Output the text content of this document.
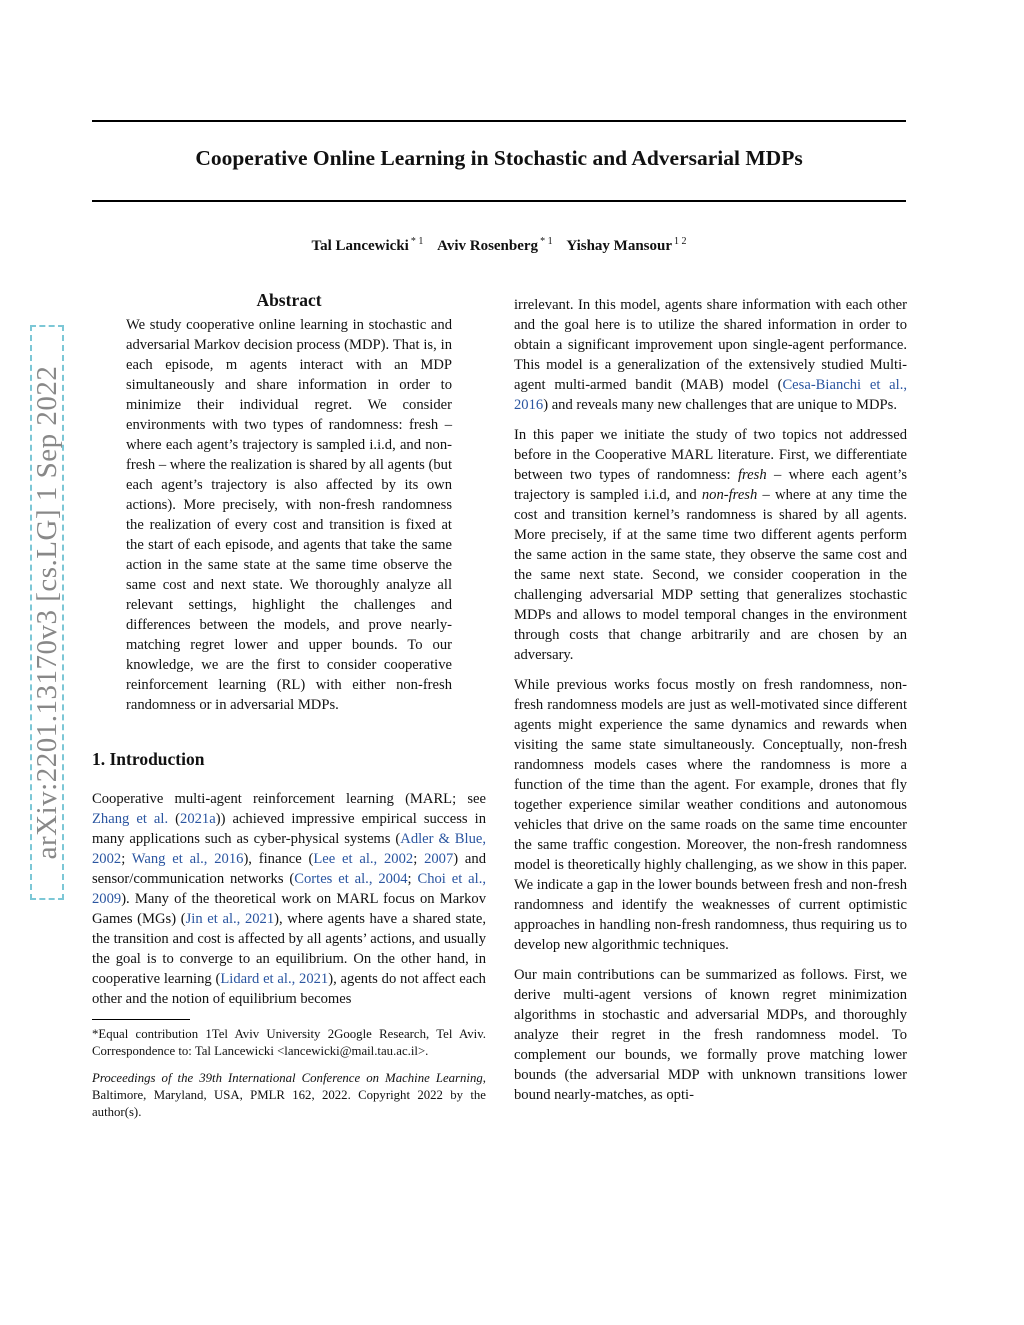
Cooperative Online Learning in Stochastic and Adversarial MDPs
Tal Lancewicki $^{* 1}$ Aviv Rosenberg $^{* 1}$ Yishay Mansour $^{1 2}$
arXiv:2201.13170v3 [cs.LG] 1 Sep 2022
Abstract

We study cooperative online learning in stochastic and adversarial Markov decision process (MDP). That is, in each episode, m agents interact with an MDP simultaneously and share information in order to minimize their individual regret. We consider environments with two types of randomness: fresh – where each agent’s trajectory is sampled i.i.d, and non-fresh – where the realization is shared by all agents (but each agent’s trajectory is also affected by its own actions). More precisely, with non-fresh randomness the realization of every cost and transition is fixed at the start of each episode, and agents that take the same action in the same state at the same time observe the same cost and next state. We thoroughly analyze all relevant settings, highlight the challenges and differences between the models, and prove nearly-matching regret lower and upper bounds. To our knowledge, we are the first to consider cooperative reinforcement learning (RL) with either non-fresh randomness or in adversarial MDPs.

1. Introduction

Cooperative multi-agent reinforcement learning (MARL; see Zhang et al. (2021a)) achieved impressive empirical success in many applications such as cyber-physical systems (Adler & Blue, 2002; Wang et al., 2016), finance (Lee et al., 2002; 2007) and sensor/communication networks (Cortes et al., 2004; Choi et al., 2009). Many of the theoretical work on MARL focus on Markov Games (MGs) (Jin et al., 2021), where agents have a shared state, the transition and cost is affected by all agents’ actions, and usually the goal is to converge to an equilibrium. On the other hand, in cooperative learning (Lidard et al., 2021), agents do not affect each other and the notion of equilibrium becomes

*Equal contribution 1Tel Aviv University 2Google Research, Tel Aviv. Correspondence to: Tal Lancewicki <lancewicki@mail.tau.ac.il>.

Proceedings of the 39th International Conference on Machine Learning, Baltimore, Maryland, USA, PMLR 162, 2022. Copyright 2022 by the author(s).

irrelevant. In this model, agents share information with each other and the goal here is to utilize the shared information in order to obtain a significant improvement upon single-agent performance. This model is a generalization of the extensively studied Multi-agent multi-armed bandit (MAB) model (Cesa-Bianchi et al., 2016) and reveals many new challenges that are unique to MDPs.

In this paper we initiate the study of two topics not addressed before in the Cooperative MARL literature. First, we differentiate between two types of randomness: fresh – where each agent’s trajectory is sampled i.i.d, and non-fresh – where at any time the cost and transition kernel’s randomness is shared by all agents. More precisely, if at the same time two different agents perform the same action in the same state, they observe the same cost and the same next state. Second, we consider cooperation in the challenging adversarial MDP setting that generalizes stochastic MDPs and allows to model temporal changes in the environment through costs that change arbitrarily and are chosen by an adversary.

While previous works focus mostly on fresh randomness, non-fresh randomness models are just as well-motivated since different agents might experience the same dynamics and rewards when visiting the same state simultaneously. Conceptually, non-fresh randomness models cases where the randomness is more a function of the time than the agent. For example, drones that fly together experience similar weather conditions and autonomous vehicles that drive on the same roads on the same time encounter the same traffic congestion. Moreover, the non-fresh randomness model is theoretically highly challenging, as we show in this paper. We indicate a gap in the lower bounds between fresh and non-fresh randomness and identify the weaknesses of current optimistic approaches in handling non-fresh randomness, thus requiring us to develop new algorithmic techniques.

Our main contributions can be summarized as follows. First, we derive multi-agent versions of known regret minimization algorithms in stochastic and adversarial MDPs, and thoroughly analyze their regret in the fresh randomness model. To complement our bounds, we formally prove matching lower bounds (the adversarial MDP with unknown transitions lower bound nearly-matches, as opti-
